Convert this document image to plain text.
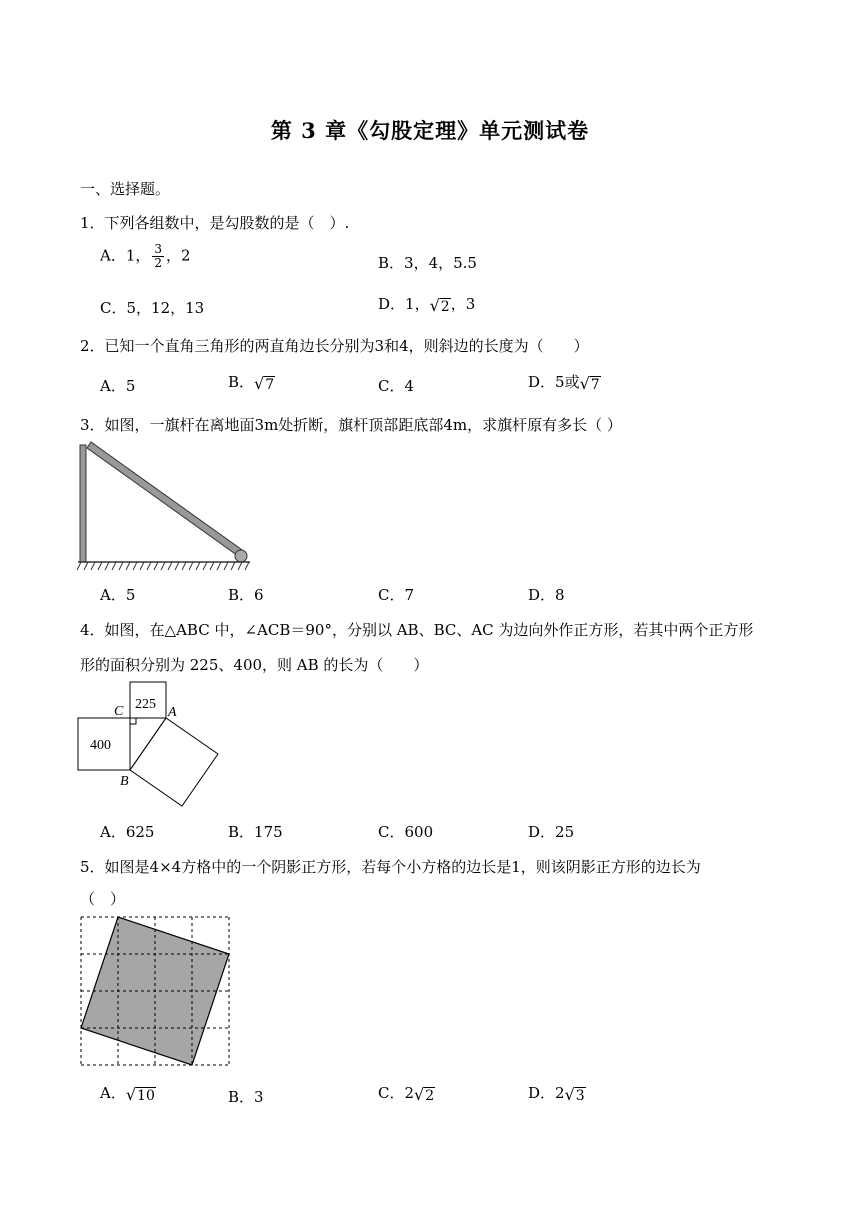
第 3 章《勾股定理》单元测试卷
一、选择题。
1．下列各组数中，是勾股数的是（　）.
A．1， $\frac{3}{2}$ ，2	B．3，4，5.5
C．5，12，13	D．1，√2，3
2．已知一个直角三角形的两直角边长分别为3和4，则斜边的长度为（　　）
A．5	B．√7	C．4	D．5或√7
3．如图，一旗杆在离地面3m处折断，旗杆顶部距底部4m，求旗杆原有多长（ ）
A．5	B．6	C．7	D．8
4．如图，在△ABC 中，∠ACB＝90°，分别以 AB、BC、AC 为边向外作正方形，若其中两个正方形
形的面积分别为 225、400，则 AB 的长为（　　）
225
400
A
B
C
A．625	B．175	C．600	D．25
5．如图是4×4方格中的一个阴影正方形，若每个小方格的边长是1，则该阴影正方形的边长为
（　）
A．√10	B．3	C．2√2	D．2√3
